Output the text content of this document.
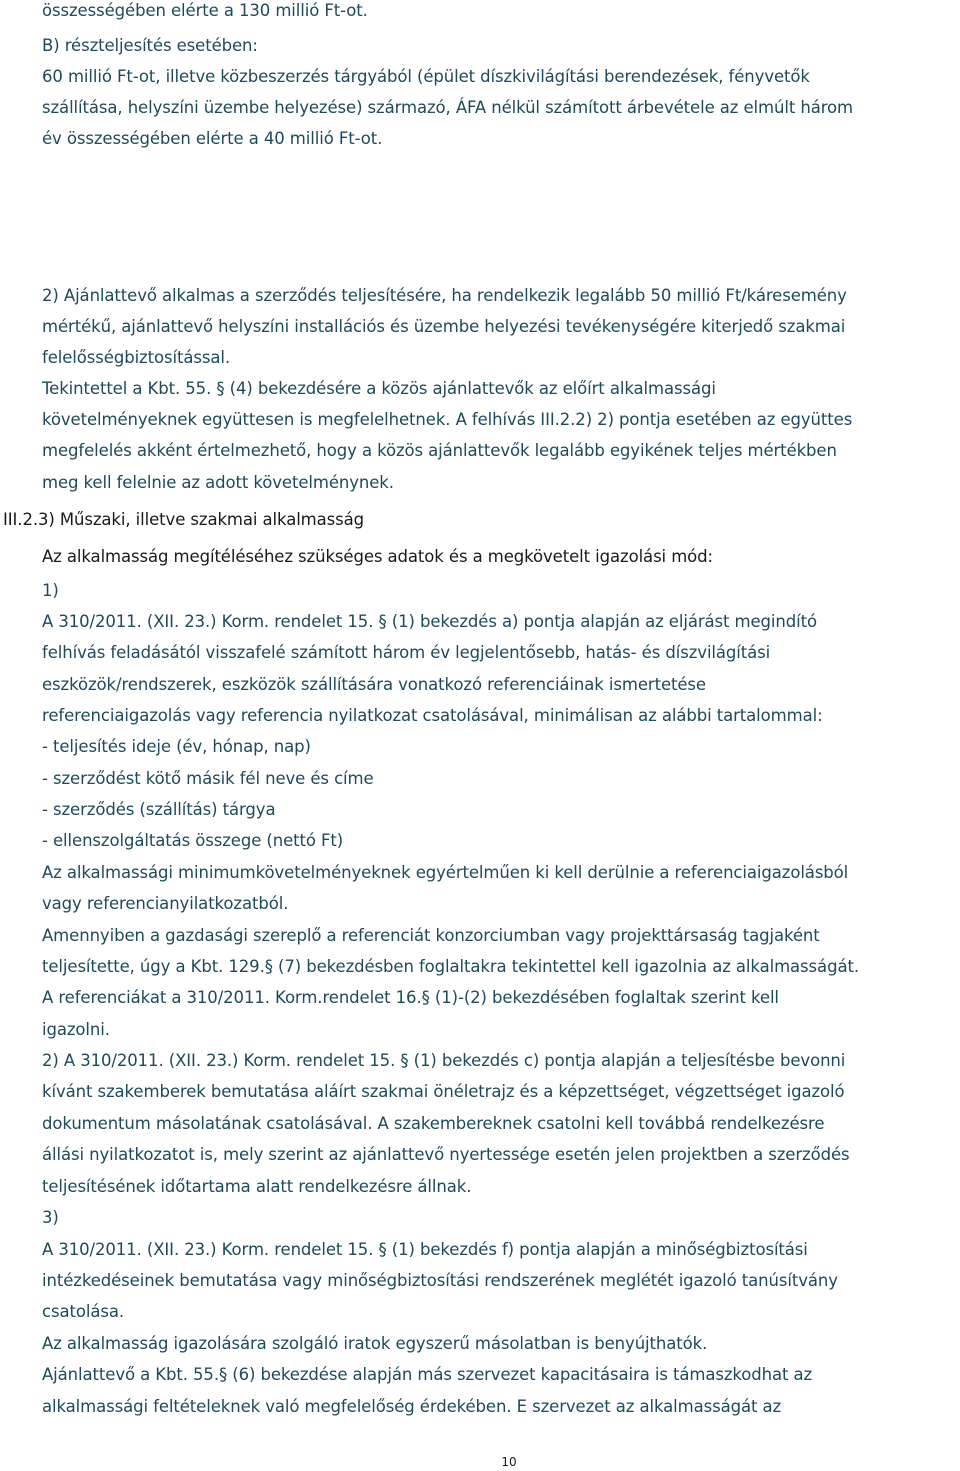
összességében elérte a 130 millió Ft-ot.
B) részteljesítés esetében:
60 millió Ft-ot, illetve közbeszerzés tárgyából (épület díszkivilágítási berendezések, fényvetők
szállítása, helyszíni üzembe helyezése) származó, ÁFA nélkül számított árbevétele az elmúlt három
év összességében elérte a 40 millió Ft-ot.
2) Ajánlattevő alkalmas a szerződés teljesítésére, ha rendelkezik legalább 50 millió Ft/káresemény
mértékű, ajánlattevő helyszíni installációs és üzembe helyezési tevékenységére kiterjedő szakmai
felelősségbiztosítással.
Tekintettel a Kbt. 55. § (4) bekezdésére a közös ajánlattevők az előírt alkalmassági
követelményeknek együttesen is megfelelhetnek. A felhívás III.2.2) 2) pontja esetében az együttes
megfelelés akként értelmezhető, hogy a közös ajánlattevők legalább egyikének teljes mértékben
meg kell felelnie az adott követelménynek.
III.2.3) Műszaki, illetve szakmai alkalmasság
Az alkalmasság megítéléséhez szükséges adatok és a megkövetelt igazolási mód:
1)
A 310/2011. (XII. 23.) Korm. rendelet 15. § (1) bekezdés a) pontja alapján az eljárást megindító
felhívás feladásától visszafelé számított három év legjelentősebb, hatás- és díszvilágítási
eszközök/rendszerek, eszközök szállítására vonatkozó referenciáinak ismertetése
referenciaigazolás vagy referencia nyilatkozat csatolásával, minimálisan az alábbi tartalommal:
- teljesítés ideje (év, hónap, nap)
- szerződést kötő másik fél neve és címe
- szerződés (szállítás) tárgya
- ellenszolgáltatás összege (nettó Ft)
Az alkalmassági minimumkövetelményeknek egyértelműen ki kell derülnie a referenciaigazolásból
vagy referencianyilatkozatból.
Amennyiben a gazdasági szereplő a referenciát konzorciumban vagy projekttársaság tagjaként
teljesítette, úgy a Kbt. 129.§ (7) bekezdésben foglaltakra tekintettel kell igazolnia az alkalmasságát.
A referenciákat a 310/2011. Korm.rendelet 16.§ (1)-(2) bekezdésében foglaltak szerint kell
igazolni.
2) A 310/2011. (XII. 23.) Korm. rendelet 15. § (1) bekezdés c) pontja alapján a teljesítésbe bevonni
kívánt szakemberek bemutatása aláírt szakmai önéletrajz és a képzettséget, végzettséget igazoló
dokumentum másolatának csatolásával. A szakembereknek csatolni kell továbbá rendelkezésre
állási nyilatkozatot is, mely szerint az ajánlattevő nyertessége esetén jelen projektben a szerződés
teljesítésének időtartama alatt rendelkezésre állnak.
3)
A 310/2011. (XII. 23.) Korm. rendelet 15. § (1) bekezdés f) pontja alapján a minőségbiztosítási
intézkedéseinek bemutatása vagy minőségbiztosítási rendszerének meglétét igazoló tanúsítvány
csatolása.
Az alkalmasság igazolására szolgáló iratok egyszerű másolatban is benyújthatók.
Ajánlattevő a Kbt. 55.§ (6) bekezdése alapján más szervezet kapacitásaira is támaszkodhat az
alkalmassági feltételeknek való megfelelőség érdekében. E szervezet az alkalmasságát az
10
